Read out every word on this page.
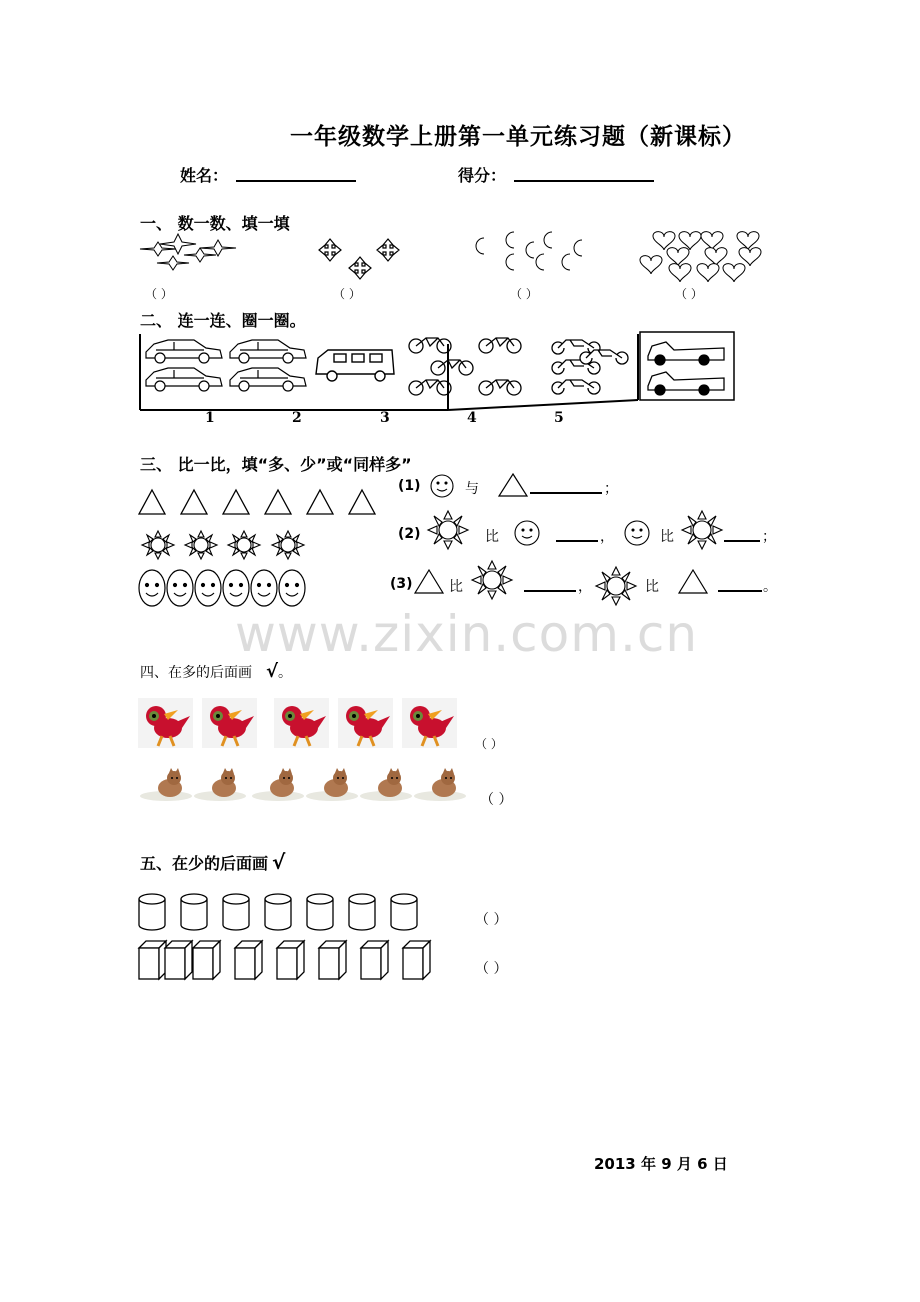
一年级数学上册第一单元练习题（新课标）
姓名：	得分：
一、 数一数、填一填
（ ）	（ ）	（ ）	（ ）
二、 连一连、圈一圈。
1	2	3	4	5
三、 比一比，填“多、少”或“同样多”
(1)	与	；
(2)	比	，	比	；
(3)	比	，	比	。
www.zixin.com.cn
四、在多的后面画 √。
（ ）
（ ）
五、在少的后面画 √
（ ）
（ ）
2013 年 9 月 6 日
